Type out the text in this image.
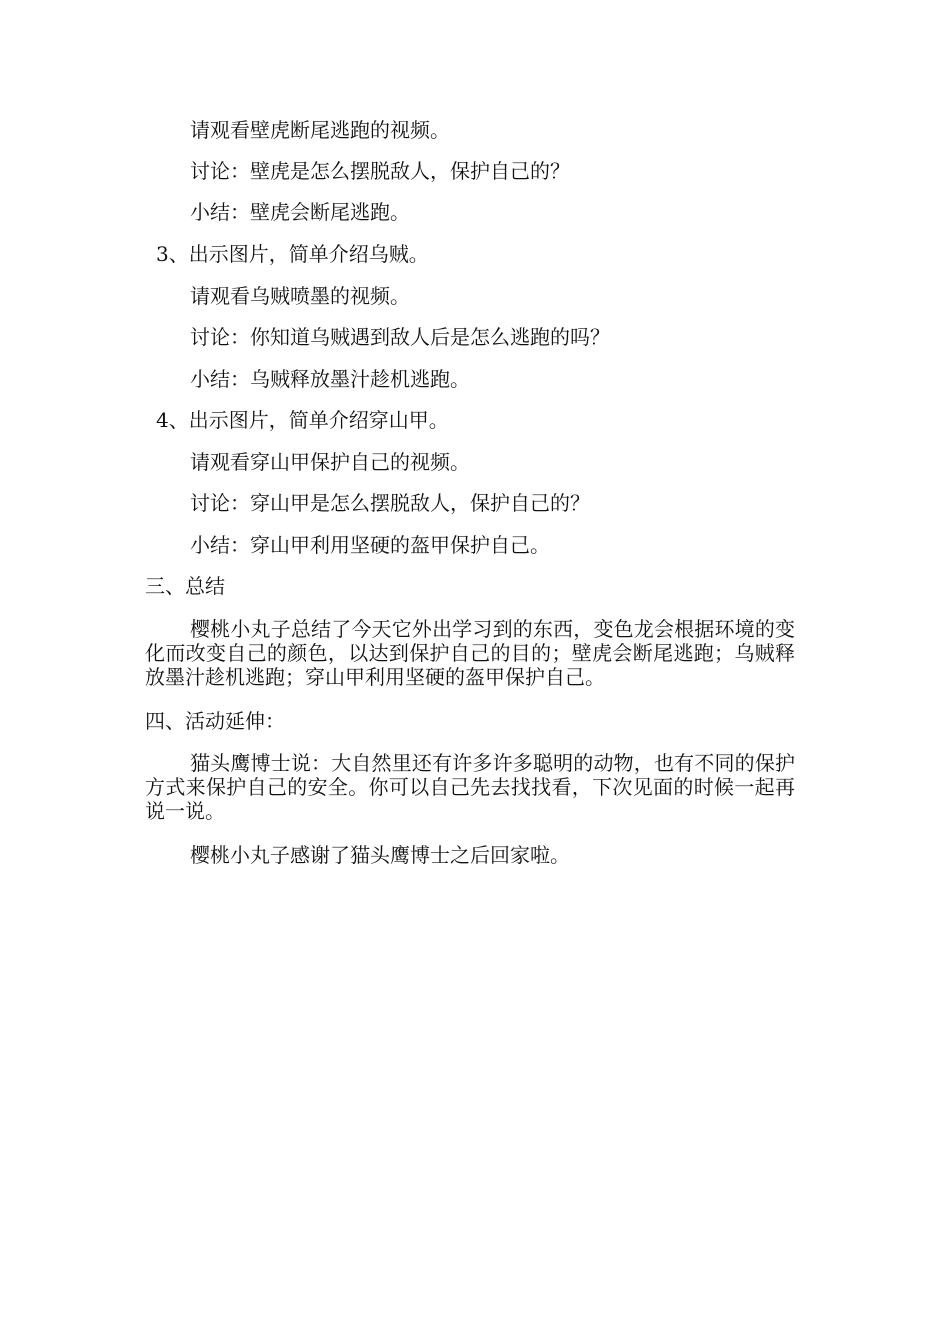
请观看壁虎断尾逃跑的视频。

讨论：壁虎是怎么摆脱敌人，保护自己的？

小结：壁虎会断尾逃跑。

3、出示图片，简单介绍乌贼。

请观看乌贼喷墨的视频。

讨论：你知道乌贼遇到敌人后是怎么逃跑的吗？

小结：乌贼释放墨汁趁机逃跑。

4、出示图片，简单介绍穿山甲。

请观看穿山甲保护自己的视频。

讨论：穿山甲是怎么摆脱敌人，保护自己的？

小结：穿山甲利用坚硬的盔甲保护自己。

三、总结

樱桃小丸子总结了今天它外出学习到的东西，变色龙会根据环境的变化而改变自己的颜色，以达到保护自己的目的；壁虎会断尾逃跑；乌贼释放墨汁趁机逃跑；穿山甲利用坚硬的盔甲保护自己。

四、活动延伸：

猫头鹰博士说：大自然里还有许多许多聪明的动物，也有不同的保护方式来保护自己的安全。你可以自己先去找找看，下次见面的时候一起再说一说。

樱桃小丸子感谢了猫头鹰博士之后回家啦。
